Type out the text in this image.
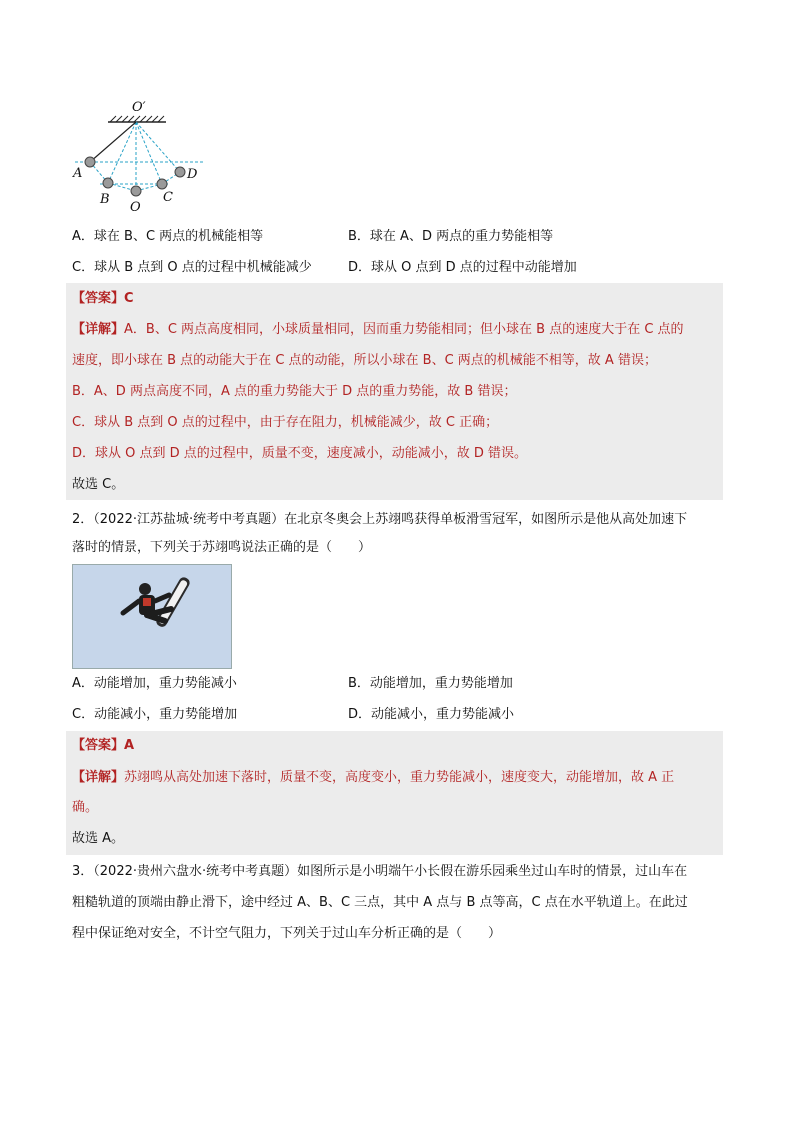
O′
A
B
O
C
D
A．球在 B、C 两点的机械能相等	B．球在 A、D 两点的重力势能相等
C．球从 B 点到 O 点的过程中机械能减少	D．球从 O 点到 D 点的过程中动能增加
【答案】C
【详解】A．B、C 两点高度相同，小球质量相同，因而重力势能相同；但小球在 B 点的速度大于在 C 点的
速度，即小球在 B 点的动能大于在 C 点的动能，所以小球在 B、C 两点的机械能不相等，故 A 错误；
B．A、D 两点高度不同，A 点的重力势能大于 D 点的重力势能，故 B 错误；
C．球从 B 点到 O 点的过程中，由于存在阻力，机械能减少，故 C 正确；
D．球从 O 点到 D 点的过程中，质量不变，速度减小，动能减小，故 D 错误。
故选 C。
2．（2022·江苏盐城·统考中考真题）在北京冬奥会上苏翊鸣获得单板滑雪冠军，如图所示是他从高处加速下
落时的情景，下列关于苏翊鸣说法正确的是（　　）
A．动能增加，重力势能减小	B．动能增加，重力势能增加
C．动能减小，重力势能增加	D．动能减小，重力势能减小
【答案】A
【详解】苏翊鸣从高处加速下落时，质量不变，高度变小，重力势能减小，速度变大，动能增加，故 A 正
确。
故选 A。
3．（2022·贵州六盘水·统考中考真题）如图所示是小明端午小长假在游乐园乘坐过山车时的情景，过山车在
粗糙轨道的顶端由静止滑下，途中经过 A、B、C 三点，其中 A 点与 B 点等高，C 点在水平轨道上。在此过
程中保证绝对安全，不计空气阻力，下列关于过山车分析正确的是（　　）
